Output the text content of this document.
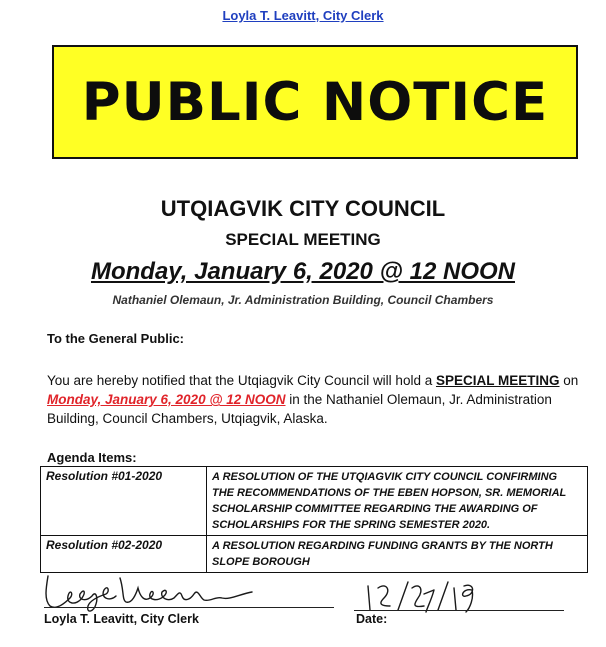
Loyla T. Leavitt, City Clerk
PUBLIC NOTICE
UTQIAGVIK CITY COUNCIL
SPECIAL MEETING
Monday, January 6, 2020 @ 12 NOON
Nathaniel Olemaun, Jr. Administration Building, Council Chambers
To the General Public:
You are hereby notified that the Utqiagvik City Council will hold a SPECIAL MEETING on Monday, January 6, 2020 @ 12 NOON in the Nathaniel Olemaun, Jr. Administration Building, Council Chambers, Utqiagvik, Alaska.
Agenda Items:
Resolution #01-2020	A RESOLUTION OF THE UTQIAGVIK CITY COUNCIL CONFIRMING THE RECOMMENDATIONS OF THE EBEN HOPSON, SR. MEMORIAL SCHOLARSHIP COMMITTEE REGARDING THE AWARDING OF SCHOLARSHIPS FOR THE SPRING SEMESTER 2020.
Resolution #02-2020	A RESOLUTION REGARDING FUNDING GRANTS BY THE NORTH SLOPE BOROUGH
Loyla T. Leavitt, City Clerk	Date:
